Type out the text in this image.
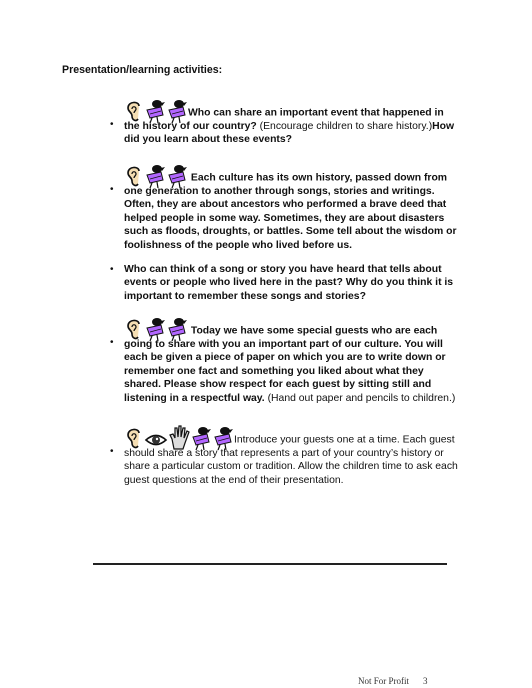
Presentation/learning activities:
•
Who can share an important event that happened in the history of our country? (Encourage children to share history.)How did you learn about these events?
•
Each culture has its own history, passed down from one generation to another through songs, stories and writings. Often, they are about ancestors who performed a brave deed that helped people in some way. Sometimes, they are about disasters such as floods, droughts, or battles. Some tell about the wisdom or foolishness of the people who lived before us.
• Who can think of a song or story you have heard that tells about events or people who lived here in the past? Why do you think it is important to remember these songs and stories?
•
Today we have some special guests who are each going to share with you an important part of our culture. You will each be given a piece of paper on which you are to write down or remember one fact and something you liked about what they shared. Please show respect for each guest by sitting still and listening in a respectful way. (Hand out paper and pencils to children.)
•
Introduce your guests one at a time. Each guest should share a story that represents a part of your country’s history or share a particular custom or tradition. Allow the children time to ask each guest questions at the end of their presentation.
Not For Profit 3
